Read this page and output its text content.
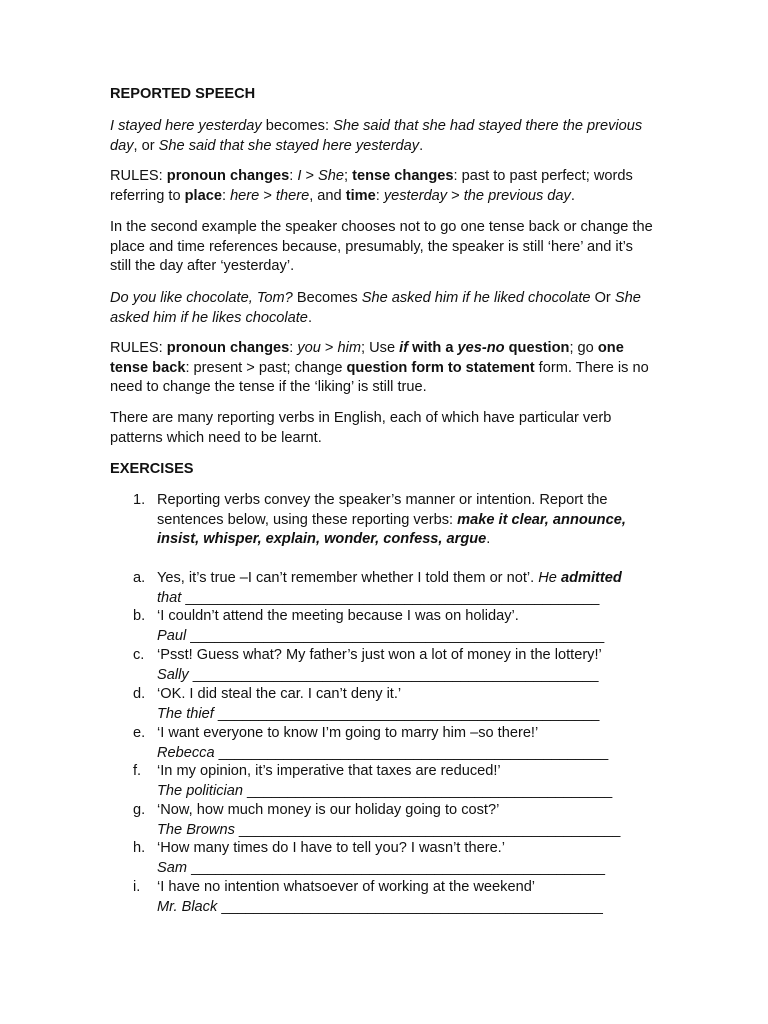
REPORTED SPEECH

I stayed here yesterday becomes: She said that she had stayed there the previous day, or She said that she stayed here yesterday.

RULES: pronoun changes: I > She; tense changes: past to past perfect; words referring to place: here > there, and time: yesterday > the previous day.

In the second example the speaker chooses not to go one tense back or change the place and time references because, presumably, the speaker is still ‘here’ and it’s still the day after ‘yesterday’.

Do you like chocolate, Tom? Becomes She asked him if he liked chocolate Or She asked him if he likes chocolate.

RULES: pronoun changes: you > him; Use if with a yes-no question; go one tense back: present > past; change question form to statement form. There is no need to change the tense if the ‘liking’ is still true.

There are many reporting verbs in English, each of which have particular verb patterns which need to be learnt.

EXERCISES

1. Reporting verbs convey the speaker’s manner or intention. Report the sentences below, using these reporting verbs: make it clear, announce, insist, whisper, explain, wonder, confess, argue.

a. Yes, it’s true –I can’t remember whether I told them or not’. He admitted
that ___________________________________________________
b. ‘I couldn’t attend the meeting because I was on holiday’.
Paul ___________________________________________________
c. ‘Psst! Guess what? My father’s just won a lot of money in the lottery!’
Sally __________________________________________________
d. ‘OK. I did steal the car. I can’t deny it.’
The thief _______________________________________________
e. ‘I want everyone to know I’m going to marry him –so there!’
Rebecca ________________________________________________
f. ‘In my opinion, it’s imperative that taxes are reduced!’
The politician _____________________________________________
g. ‘Now, how much money is our holiday going to cost?’
The Browns _______________________________________________
h. ‘How many times do I have to tell you? I wasn’t there.’
Sam ___________________________________________________
i. ‘I have no intention whatsoever of working at the weekend’
Mr. Black _______________________________________________
